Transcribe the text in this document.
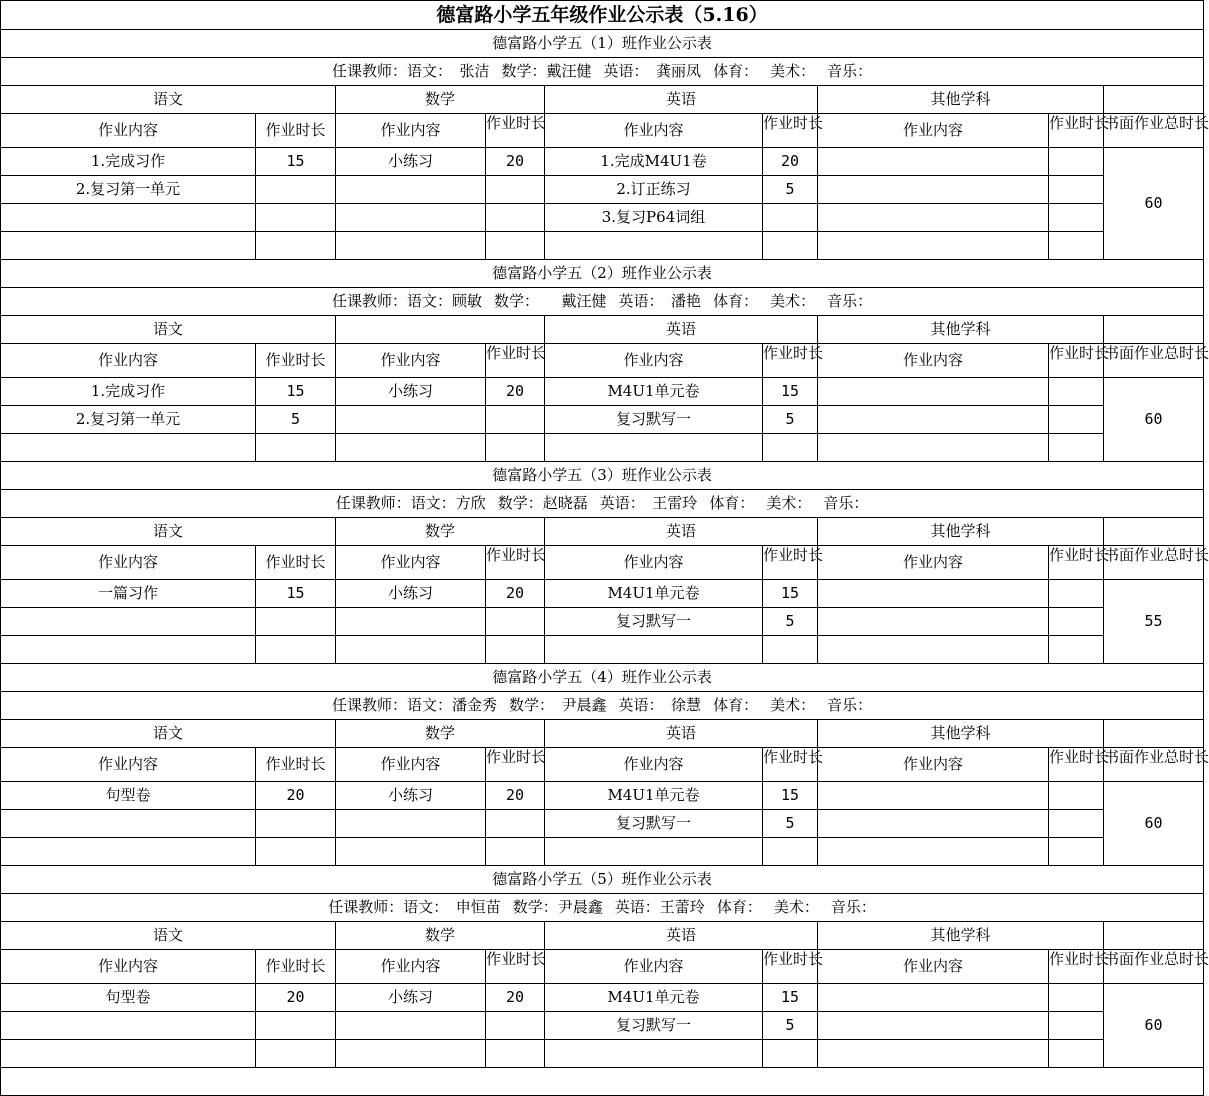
德富路小学五年级作业公示表（5.16）								
德富路小学五（1）班作业公示表								
任课教师：语文：　张洁 数学：戴汪健 英语：　龚丽凤 体育： 美术： 音乐：								
语文		数学		英语		其他学科		
作业内容	作业时长	作业内容	作业时长	作业内容	作业时长	作业内容	作业时长	书面作业总时长

1.完成习作	15	小练习	20	1.完成M4U1卷	20			60
2.复习第一单元				2.订正练习	5			
				3.复习P64词组				

德富路小学五（2）班作业公示表								
任课教师：语文：顾敏 数学：　　戴汪健 英语：　潘艳 体育： 美术： 音乐：								
语文				英语		其他学科		
作业内容	作业时长	作业内容	作业时长	作业内容	作业时长	作业内容	作业时长	书面作业总时长

1.完成习作	15	小练习	20	M4U1单元卷	15			60
2.复习第一单元	5			复习默写一	5			

德富路小学五（3）班作业公示表								
任课教师：语文：方欣 数学：赵晓磊 英语：　王雷玲 体育： 美术： 音乐：								
语文		数学		英语		其他学科		
作业内容	作业时长	作业内容	作业时长	作业内容	作业时长	作业内容	作业时长	书面作业总时长

一篇习作	15	小练习	20	M4U1单元卷	15			55
				复习默写一	5			

德富路小学五（4）班作业公示表								
任课教师：语文：潘金秀 数学：　尹晨鑫 英语：　徐慧 体育： 美术： 音乐：								
语文		数学		英语		其他学科		
作业内容	作业时长	作业内容	作业时长	作业内容	作业时长	作业内容	作业时长	书面作业总时长

句型卷	20	小练习	20	M4U1单元卷	15			60
				复习默写一	5			

德富路小学五（5）班作业公示表								
任课教师：语文：　申恒苗 数学：尹晨鑫 英语：王蕾玲 体育： 美术： 音乐：								
语文		数学		英语		其他学科		
作业内容	作业时长	作业内容	作业时长	作业内容	作业时长	作业内容	作业时长	书面作业总时长

句型卷	20	小练习	20	M4U1单元卷	15			60
				复习默写一	5			
